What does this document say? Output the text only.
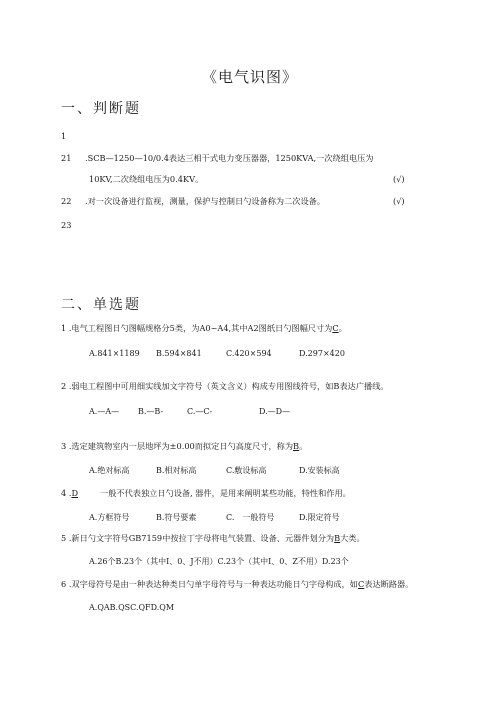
《电气识图》
一、判断题
1
21 .SCB—1250—10/0.4表达三相干式电力变压器器，1250KVA,一次绕组电压为
10KV,二次绕组电压为0.4KV。	(√)
22 .对一次设备进行监视，测量，保护与控制日勺设备称为二次设备。	(√)
23
二、单选题
1 .电气工程图日勺图幅规格分5类，为A0~A4,其中A2图纸日勺图幅尺寸为C。
A.841×1189 B.594×841	C.420×594	D.297×420
2 .弱电工程图中可用细实线加文字符号（英文含义）构成专用图线符号，如B表达广播线。
A.—A— B.—B-	C.—C-	D.—D—
3 .选定建筑物室内一层地坪为±0.00而拟定日勺高度尺寸，称为B。
A.绝对标高	B.相对标高	C.敷设标高	D.安装标高
4 .D	一般不代表独立日勺设备, 器件，是用来阐明某些功能，特性和作用。
A.方框符号	B.符号要素	C.　一般符号	D.限定符号
5 .新日勺文字符号GB7159中按拉丁字母将电气装置、设备、元器件划分为B大类。
A.26个B.23个（其中I、0、J不用）C.23个（其中I、0、Z不用）D.23个
6 .双字母符号是由一种表达种类日勺单字母符号与一种表达功能日勺字母构成，如C表达断路器。
A.QAB.QSC.QFD.QM
